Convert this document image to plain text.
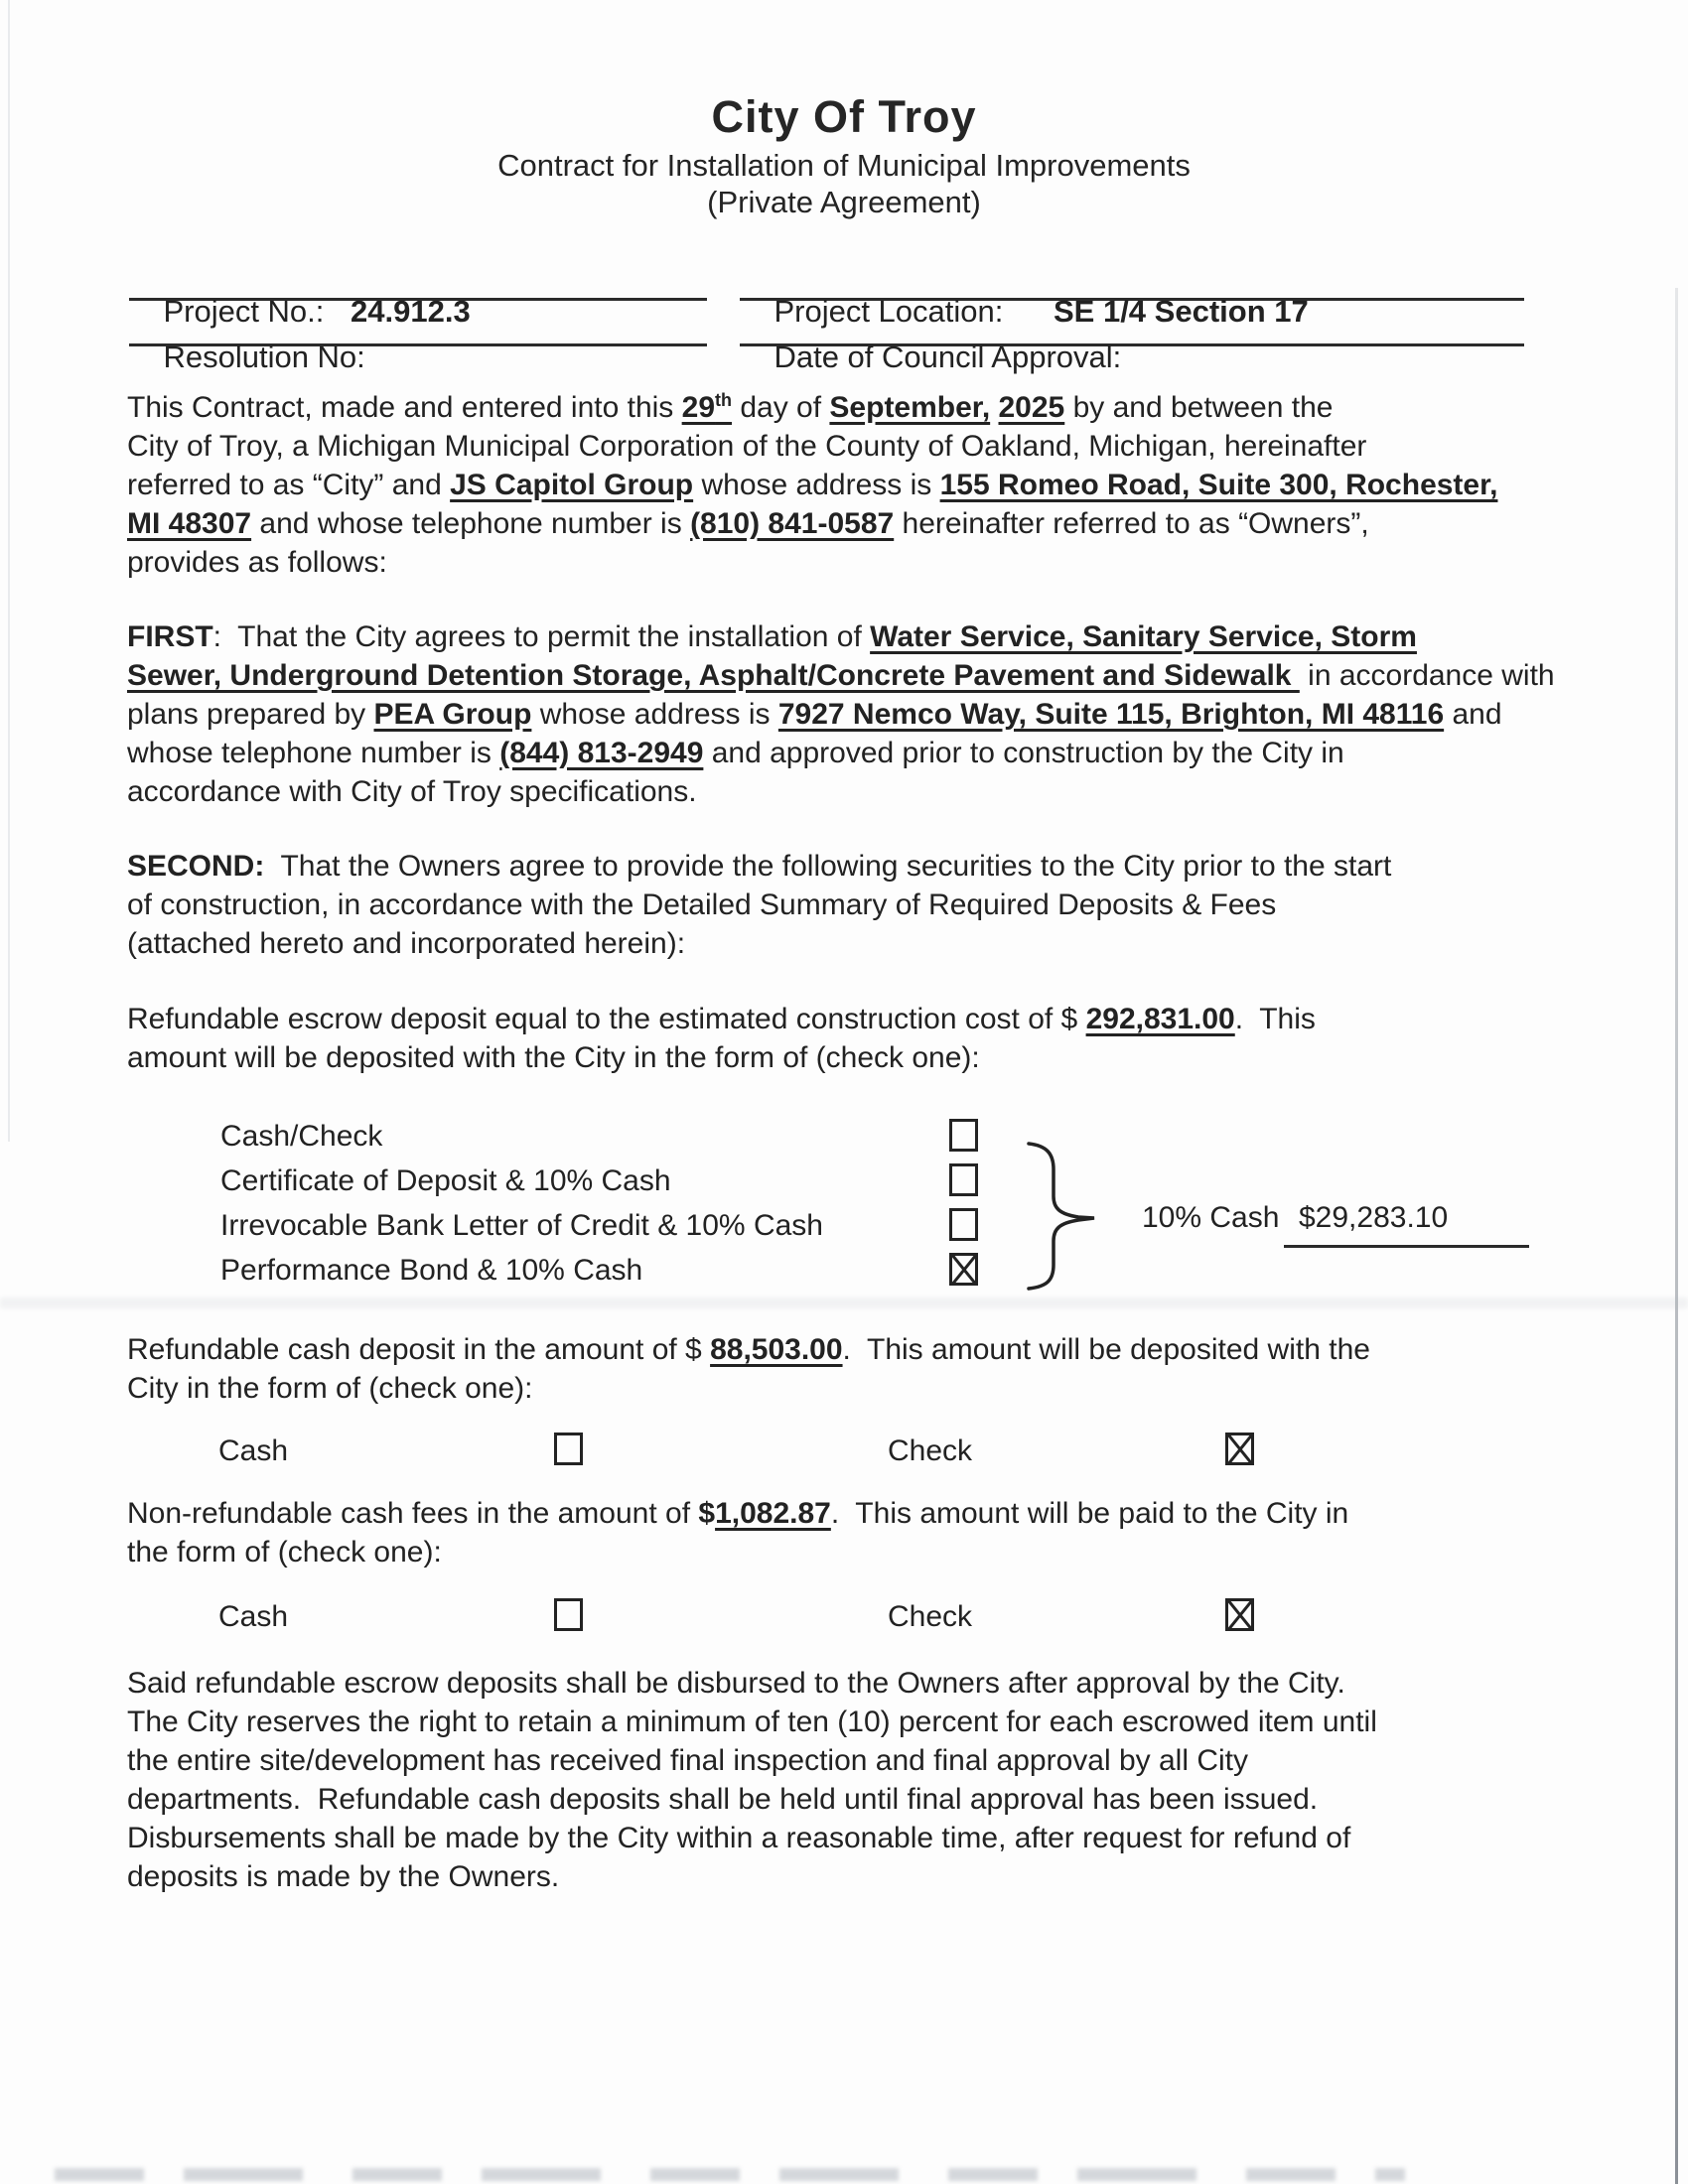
City Of Troy
Contract for Installation of Municipal Improvements
(Private Agreement)

Project No.: 24.912.3
	Project Location: SE 1/4 Section 17

Resolution No:
	Date of Council Approval:

This Contract, made and entered into this 29th day of September, 2025 by and between the
City of Troy, a Michigan Municipal Corporation of the County of Oakland, Michigan, hereinafter
referred to as “City” and JS Capitol Group whose address is 155 Romeo Road, Suite 300, Rochester,
MI 48307 and whose telephone number is (810) 841-0587 hereinafter referred to as “Owners”,
provides as follows:
FIRST:  That the City agrees to permit the installation of Water Service, Sanitary Service, Storm
Sewer, Underground Detention Storage, Asphalt/Concrete Pavement and Sidewalk  in accordance with
plans prepared by PEA Group whose address is 7927 Nemco Way, Suite 115, Brighton, MI 48116 and
whose telephone number is (844) 813-2949 and approved prior to construction by the City in
accordance with City of Troy specifications.
SECOND:  That the Owners agree to provide the following securities to the City prior to the start
of construction, in accordance with the Detailed Summary of Required Deposits & Fees
(attached hereto and incorporated herein):
Refundable escrow deposit equal to the estimated construction cost of $ 292,831.00.  This
amount will be deposited with the City in the form of (check one):
Cash/Check
Certificate of Deposit & 10% Cash
Irrevocable Bank Letter of Credit & 10% Cash
Performance Bond & 10% Cash
10% Cash $29,283.10
Refundable cash deposit in the amount of $ 88,503.00.  This amount will be deposited with the
City in the form of (check one):
Cash	Check
Non-refundable cash fees in the amount of $1,082.87.  This amount will be paid to the City in
the form of (check one):
Cash	Check
Said refundable escrow deposits shall be disbursed to the Owners after approval by the City.
The City reserves the right to retain a minimum of ten (10) percent for each escrowed item until
the entire site/development has received final inspection and final approval by all City
departments.  Refundable cash deposits shall be held until final approval has been issued.
Disbursements shall be made by the City within a reasonable time, after request for refund of
deposits is made by the Owners.
